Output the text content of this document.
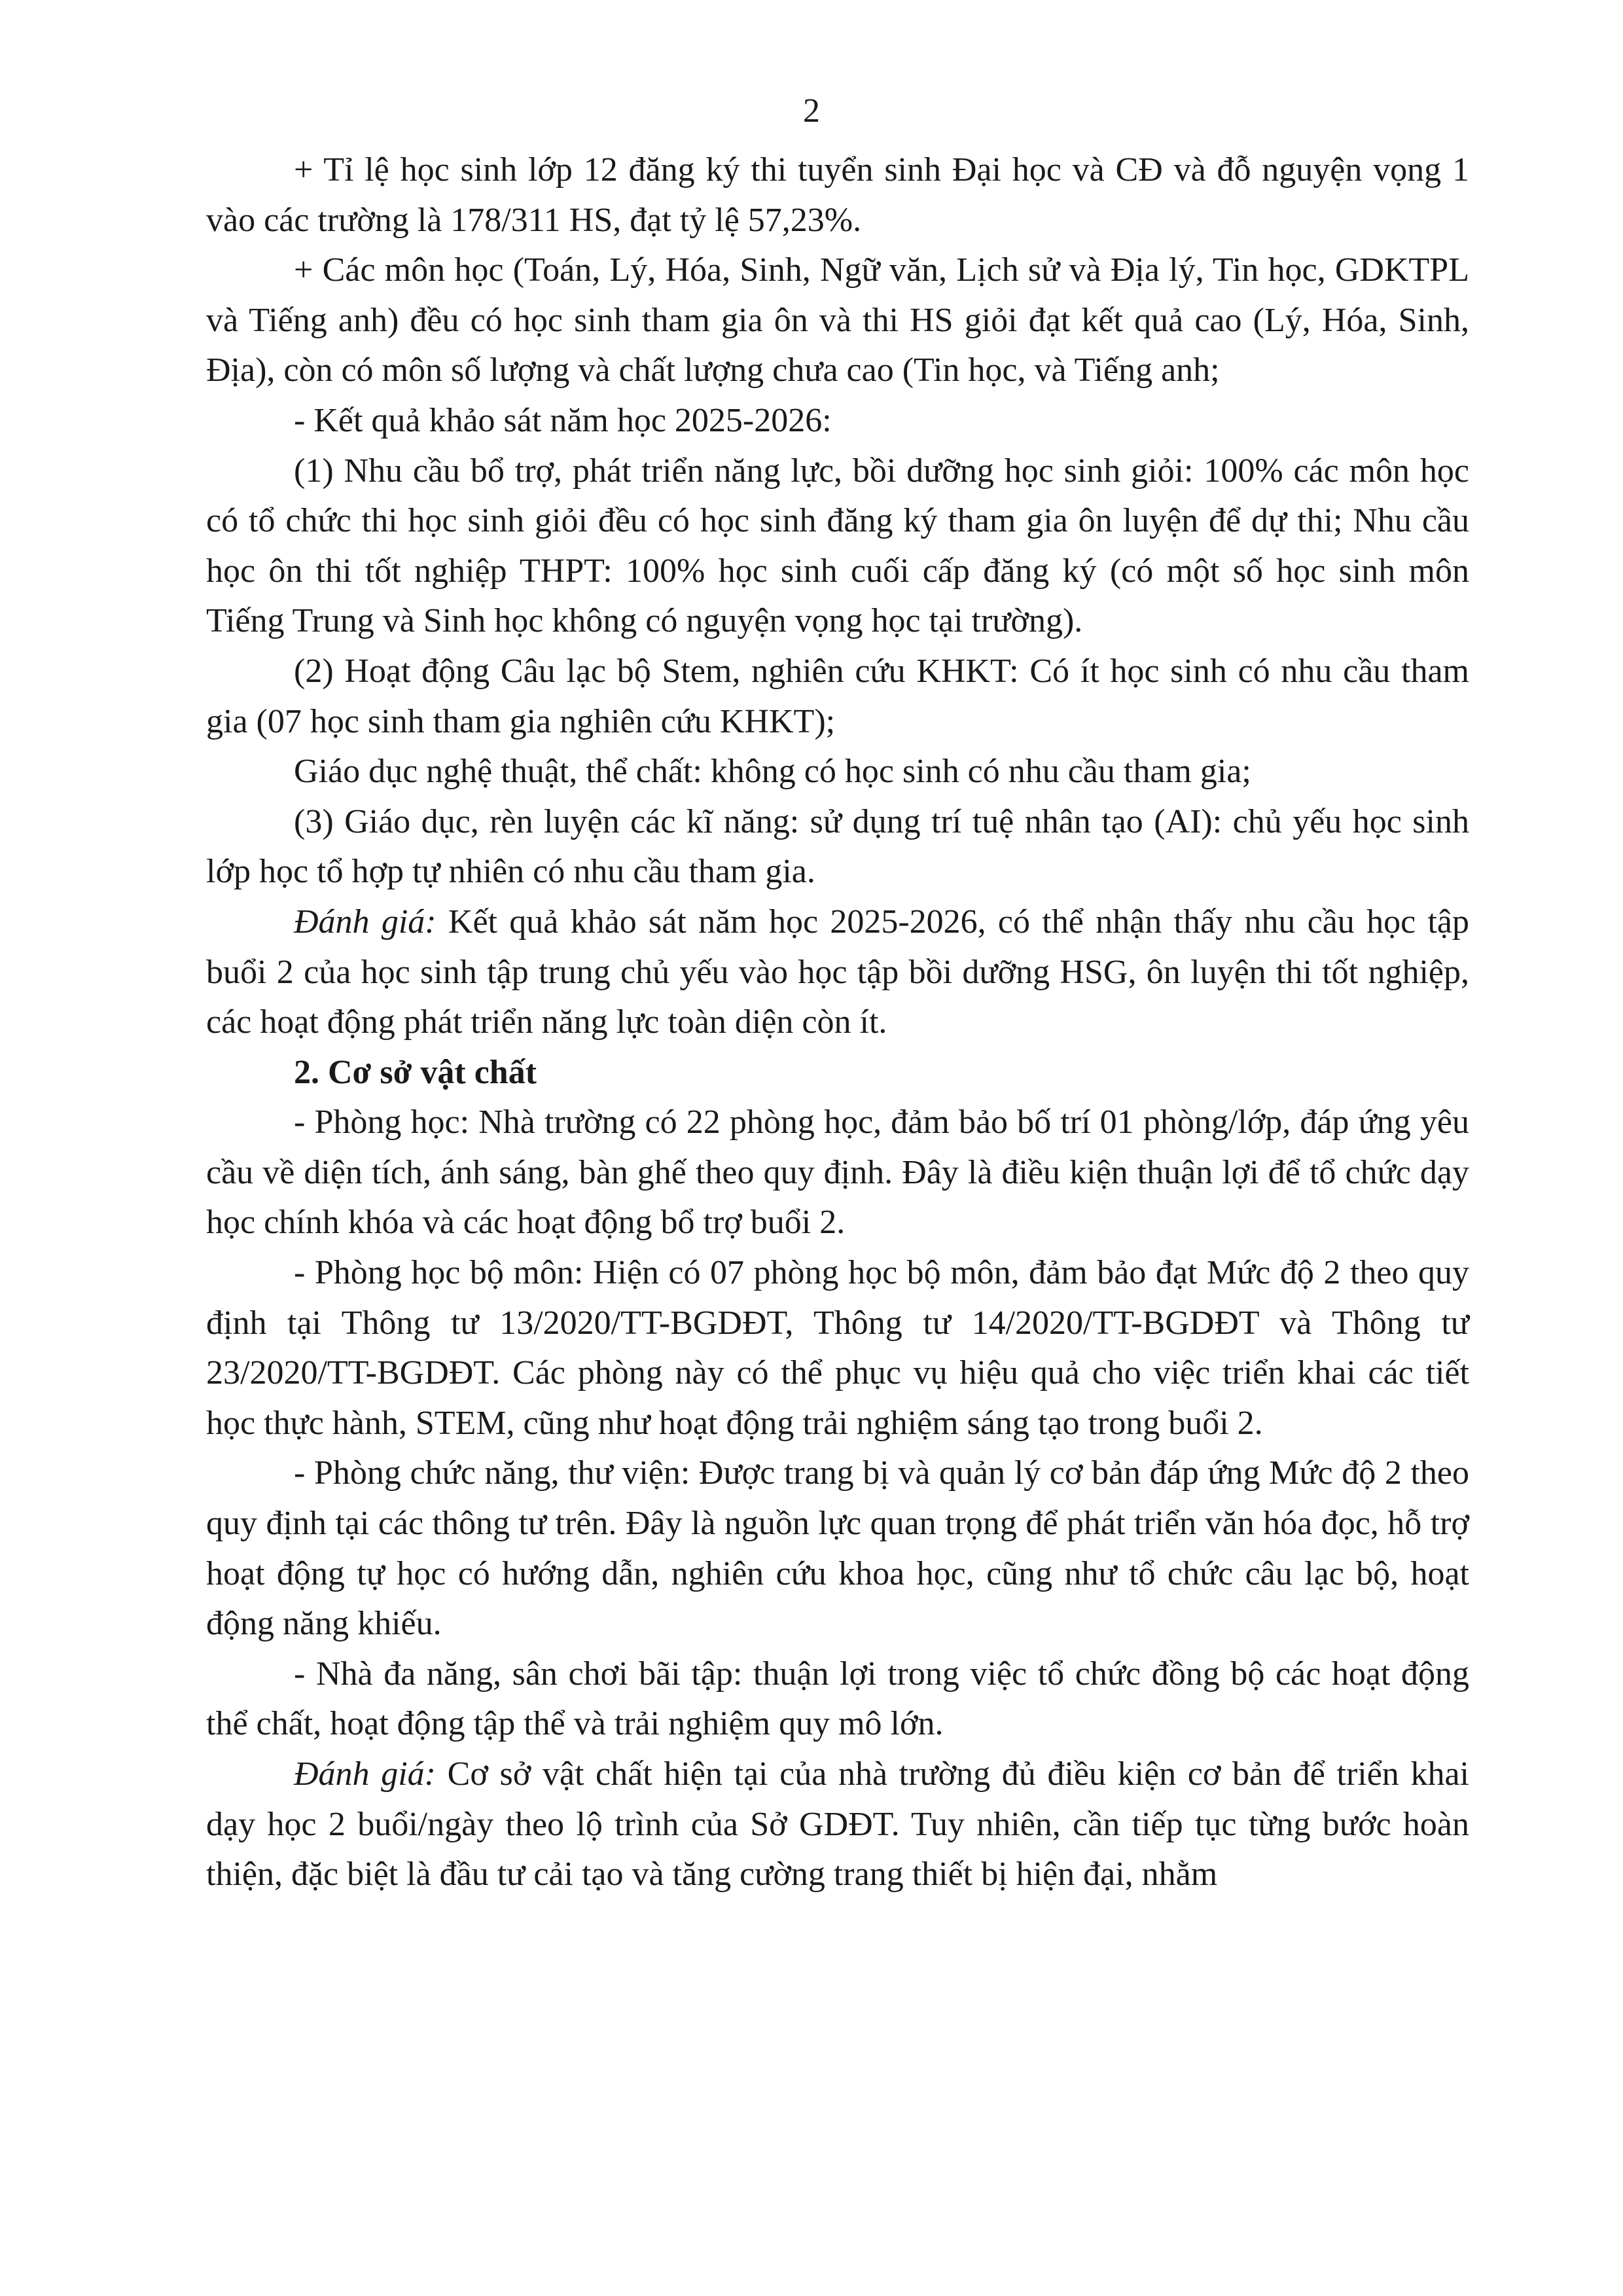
2

+ Tỉ lệ học sinh lớp 12 đăng ký thi tuyển sinh Đại học và CĐ và đỗ nguyện vọng 1 vào các trường là 178/311 HS, đạt tỷ lệ 57,23%.

+ Các môn học (Toán, Lý, Hóa, Sinh, Ngữ văn, Lịch sử và Địa lý, Tin học, GDKTPL và Tiếng anh) đều có học sinh tham gia ôn và thi HS giỏi đạt kết quả cao (Lý, Hóa, Sinh, Địa), còn có môn số lượng và chất lượng chưa cao (Tin học, và Tiếng anh;

- Kết quả khảo sát năm học 2025-2026:

(1) Nhu cầu bổ trợ, phát triển năng lực, bồi dưỡng học sinh giỏi: 100% các môn học có tổ chức thi học sinh giỏi đều có học sinh đăng ký tham gia ôn luyện để dự thi; Nhu cầu học ôn thi tốt nghiệp THPT: 100% học sinh cuối cấp đăng ký (có một số học sinh môn Tiếng Trung và Sinh học không có nguyện vọng học tại trường).

(2) Hoạt động Câu lạc bộ Stem, nghiên cứu KHKT: Có ít học sinh có nhu cầu tham gia (07 học sinh tham gia nghiên cứu KHKT);

Giáo dục nghệ thuật, thể chất: không có học sinh có nhu cầu tham gia;

(3) Giáo dục, rèn luyện các kĩ năng: sử dụng trí tuệ nhân tạo (AI): chủ yếu học sinh lớp học tổ hợp tự nhiên có nhu cầu tham gia.

Đánh giá: Kết quả khảo sát năm học 2025-2026, có thể nhận thấy nhu cầu học tập buổi 2 của học sinh tập trung chủ yếu vào học tập bồi dưỡng HSG, ôn luyện thi tốt nghiệp, các hoạt động phát triển năng lực toàn diện còn ít.

2. Cơ sở vật chất

- Phòng học: Nhà trường có 22 phòng học, đảm bảo bố trí 01 phòng/lớp, đáp ứng yêu cầu về diện tích, ánh sáng, bàn ghế theo quy định. Đây là điều kiện thuận lợi để tổ chức dạy học chính khóa và các hoạt động bổ trợ buổi 2.

- Phòng học bộ môn: Hiện có 07 phòng học bộ môn, đảm bảo đạt Mức độ 2 theo quy định tại Thông tư 13/2020/TT-BGDĐT, Thông tư 14/2020/TT-BGDĐT và Thông tư 23/2020/TT-BGDĐT. Các phòng này có thể phục vụ hiệu quả cho việc triển khai các tiết học thực hành, STEM, cũng như hoạt động trải nghiệm sáng tạo trong buổi 2.

- Phòng chức năng, thư viện: Được trang bị và quản lý cơ bản đáp ứng Mức độ 2 theo quy định tại các thông tư trên. Đây là nguồn lực quan trọng để phát triển văn hóa đọc, hỗ trợ hoạt động tự học có hướng dẫn, nghiên cứu khoa học, cũng như tổ chức câu lạc bộ, hoạt động năng khiếu.

- Nhà đa năng, sân chơi bãi tập: thuận lợi trong việc tổ chức đồng bộ các hoạt động thể chất, hoạt động tập thể và trải nghiệm quy mô lớn.

Đánh giá: Cơ sở vật chất hiện tại của nhà trường đủ điều kiện cơ bản để triển khai dạy học 2 buổi/ngày theo lộ trình của Sở GDĐT. Tuy nhiên, cần tiếp tục từng bước hoàn thiện, đặc biệt là đầu tư cải tạo và tăng cường trang thiết bị hiện đại, nhằm
